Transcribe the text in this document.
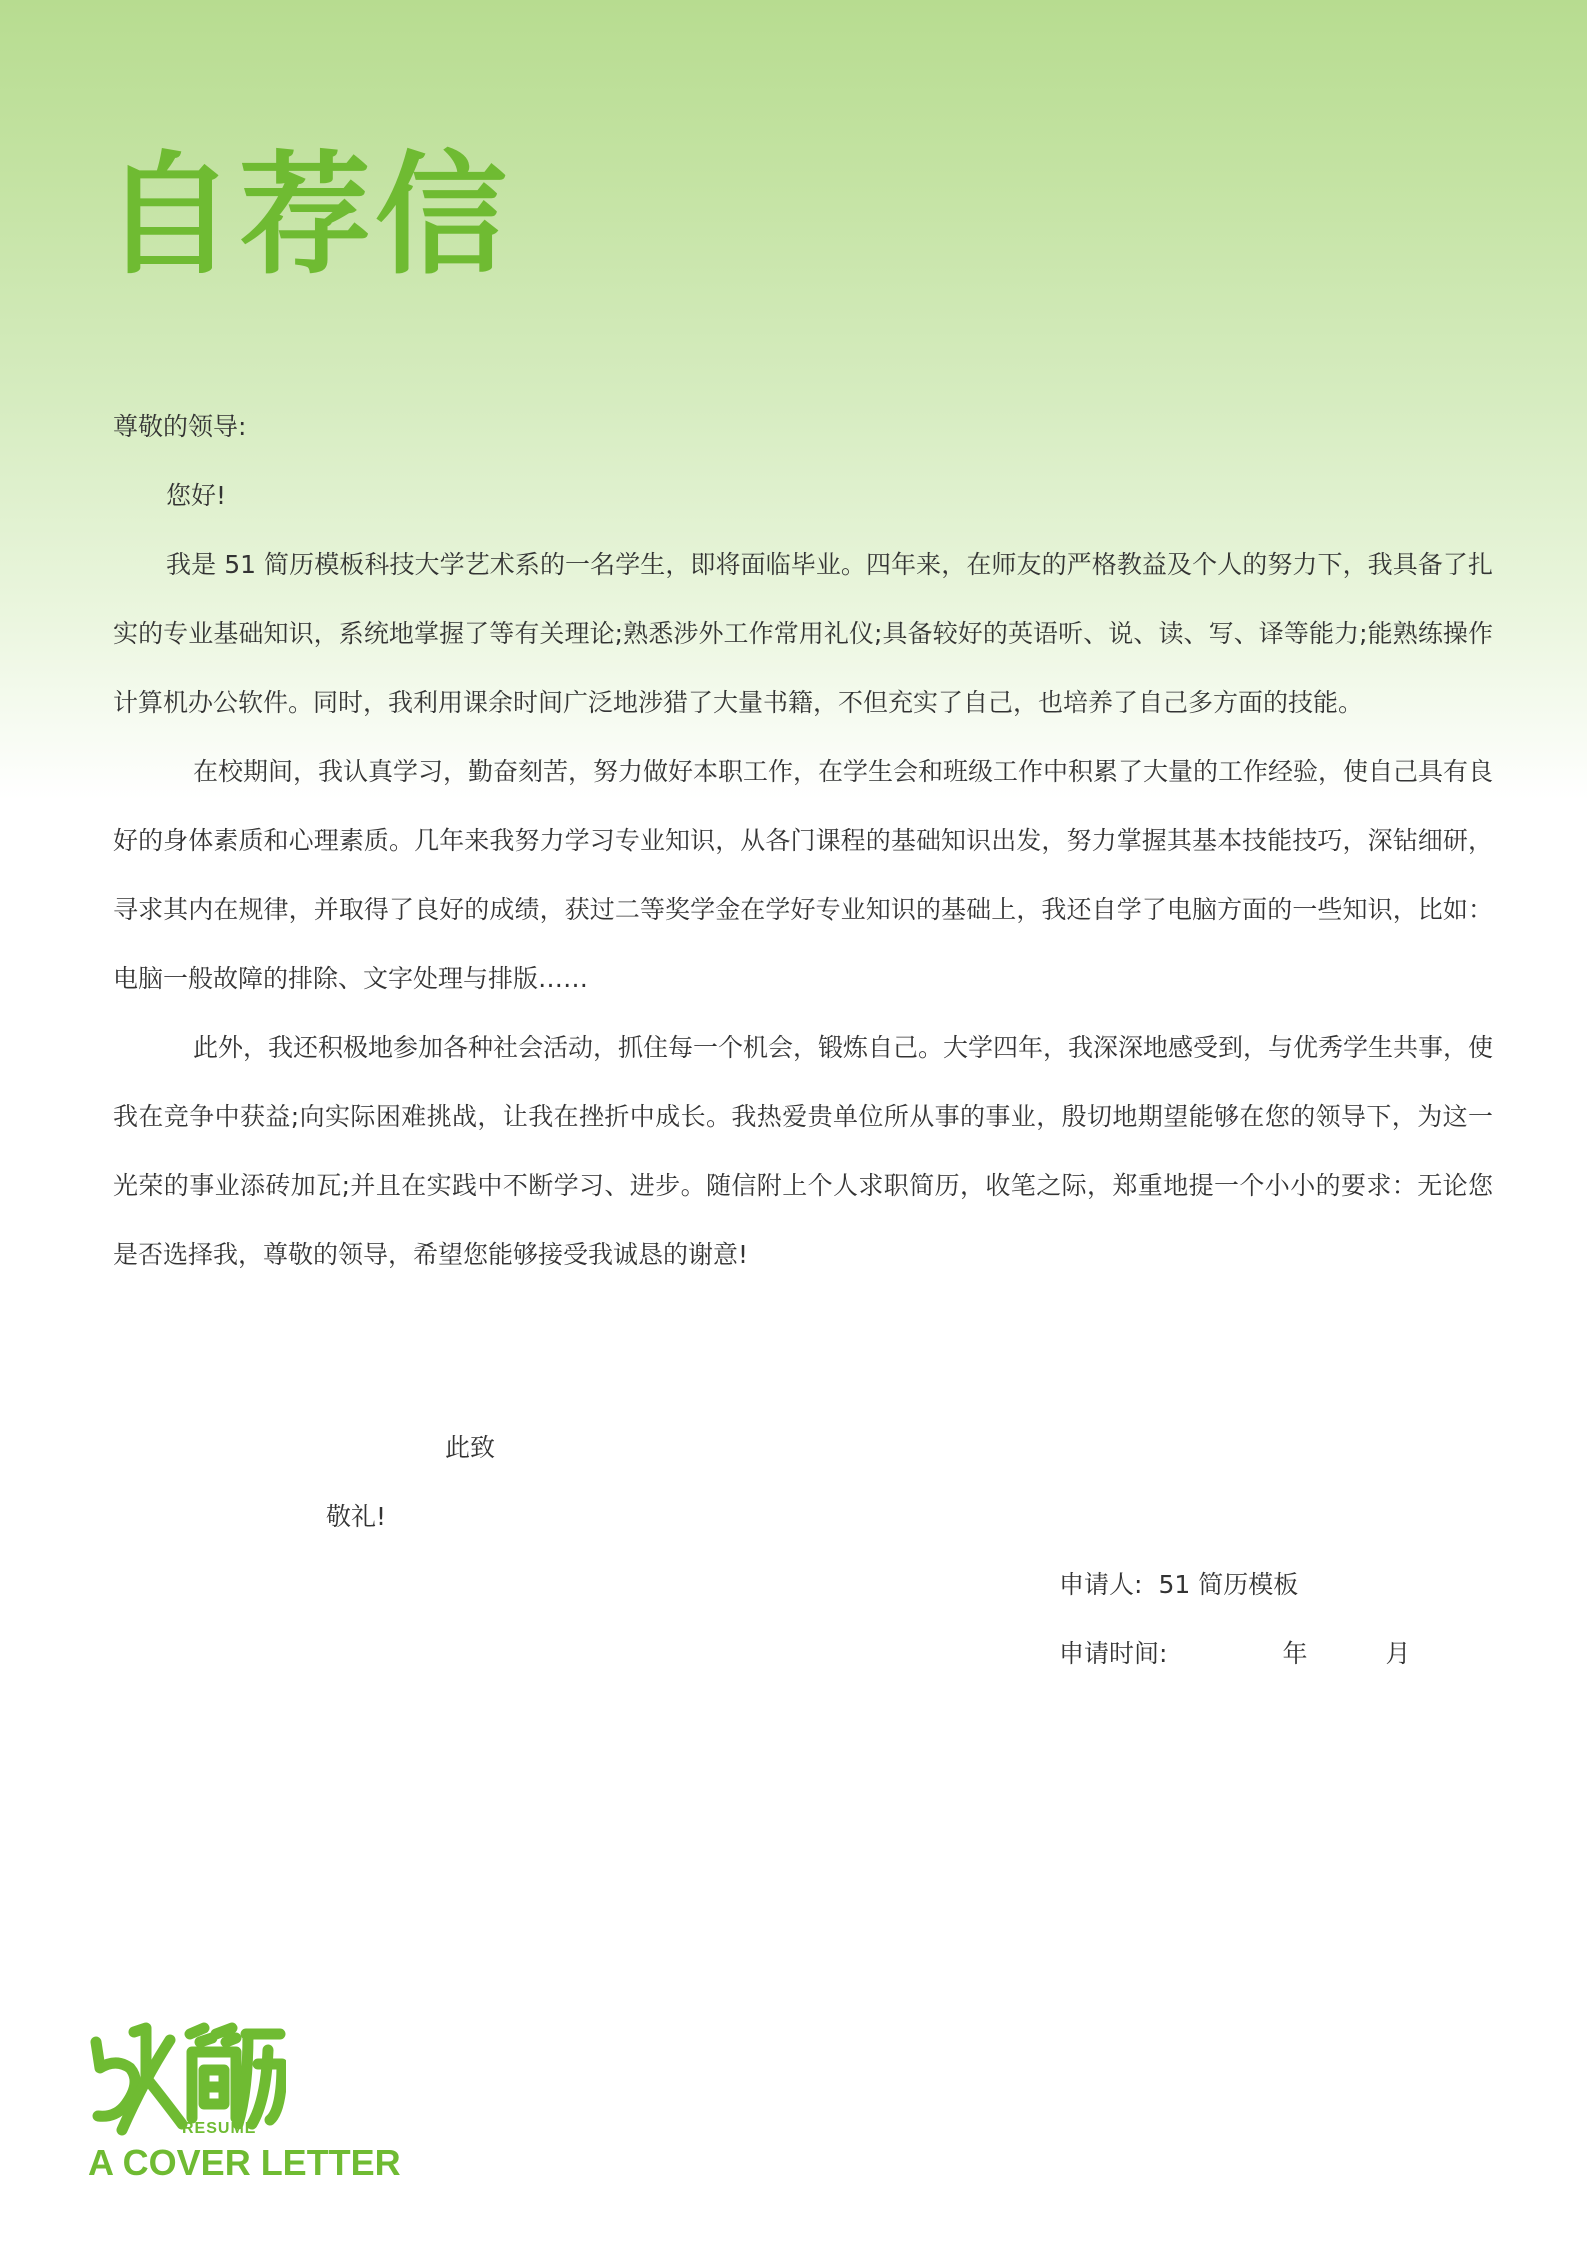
自荐信

尊敬的领导:

您好!

我是 51 简历模板科技大学艺术系的一名学生，即将面临毕业。四年来，在师友的严格教益及个人的努力下，我具备了扎实的专业基础知识，系统地掌握了等有关理论;熟悉涉外工作常用礼仪;具备较好的英语听、说、读、写、译等能力;能熟练操作计算机办公软件。同时，我利用课余时间广泛地涉猎了大量书籍，不但充实了自己，也培养了自己多方面的技能。

在校期间，我认真学习，勤奋刻苦，努力做好本职工作，在学生会和班级工作中积累了大量的工作经验，使自己具有良好的身体素质和心理素质。几年来我努力学习专业知识，从各门课程的基础知识出发，努力掌握其基本技能技巧，深钻细研，寻求其内在规律，并取得了良好的成绩，获过二等奖学金在学好专业知识的基础上，我还自学了电脑方面的一些知识，比如：电脑一般故障的排除、文字处理与排版……

此外，我还积极地参加各种社会活动，抓住每一个机会，锻炼自己。大学四年，我深深地感受到，与优秀学生共事，使我在竞争中获益;向实际困难挑战，让我在挫折中成长。我热爱贵单位所从事的事业，殷切地期望能够在您的领导下，为这一光荣的事业添砖加瓦;并且在实践中不断学习、进步。随信附上个人求职简历，收笔之际，郑重地提一个小小的要求：无论您是否选择我，尊敬的领导，希望您能够接受我诚恳的谢意!

此致
敬礼!
申请人: 51 简历模板
申请时间:	年	月
RESUME
A COVER LETTER
